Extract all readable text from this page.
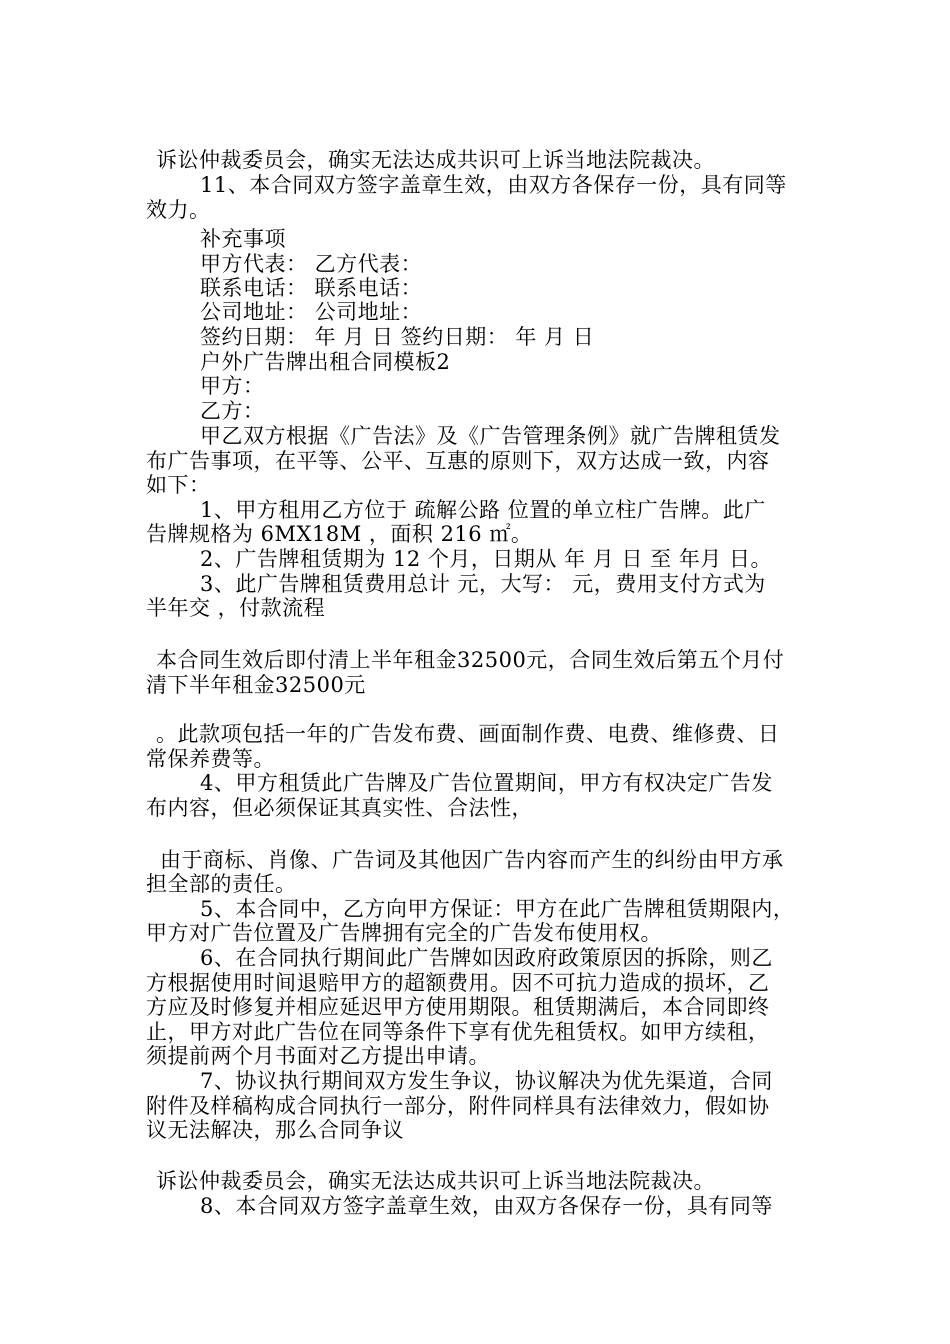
诉讼仲裁委员会，确实无法达成共识可上诉当地法院裁决。
11、本合同双方签字盖章生效，由双方各保存一份，具有同等
效力。
补充事项
甲方代表： 乙方代表：
联系电话： 联系电话：
公司地址： 公司地址：
签约日期： 年 月 日 签约日期： 年 月 日
户外广告牌出租合同模板2
甲方：
乙方：
甲乙双方根据《广告法》及《广告管理条例》就广告牌租赁发
布广告事项，在平等、公平、互惠的原则下，双方达成一致，内容
如下：
1、甲方租用乙方位于 疏解公路 位置的单立柱广告牌。此广
告牌规格为 6MX18M ，面积 216 ㎡。
2、广告牌租赁期为 12 个月，日期从 年 月 日 至 年月 日。
3、此广告牌租赁费用总计 元，大写： 元，费用支付方式为
半年交 ，付款流程
本合同生效后即付清上半年租金32500元，合同生效后第五个月付
清下半年租金32500元
。此款项包括一年的广告发布费、画面制作费、电费、维修费、日
常保养费等。
4、甲方租赁此广告牌及广告位置期间，甲方有权决定广告发
布内容，但必须保证其真实性、合法性，
由于商标、肖像、广告词及其他因广告内容而产生的纠纷由甲方承
担全部的责任。
5、本合同中，乙方向甲方保证：甲方在此广告牌租赁期限内，
甲方对广告位置及广告牌拥有完全的广告发布使用权。
6、在合同执行期间此广告牌如因政府政策原因的拆除，则乙
方根据使用时间退赔甲方的超额费用。因不可抗力造成的损坏，乙
方应及时修复并相应延迟甲方使用期限。租赁期满后，本合同即终
止，甲方对此广告位在同等条件下享有优先租赁权。如甲方续租，
须提前两个月书面对乙方提出申请。
7、协议执行期间双方发生争议，协议解决为优先渠道，合同
附件及样稿构成合同执行一部分，附件同样具有法律效力，假如协
议无法解决，那么合同争议
诉讼仲裁委员会，确实无法达成共识可上诉当地法院裁决。
8、本合同双方签字盖章生效，由双方各保存一份，具有同等
